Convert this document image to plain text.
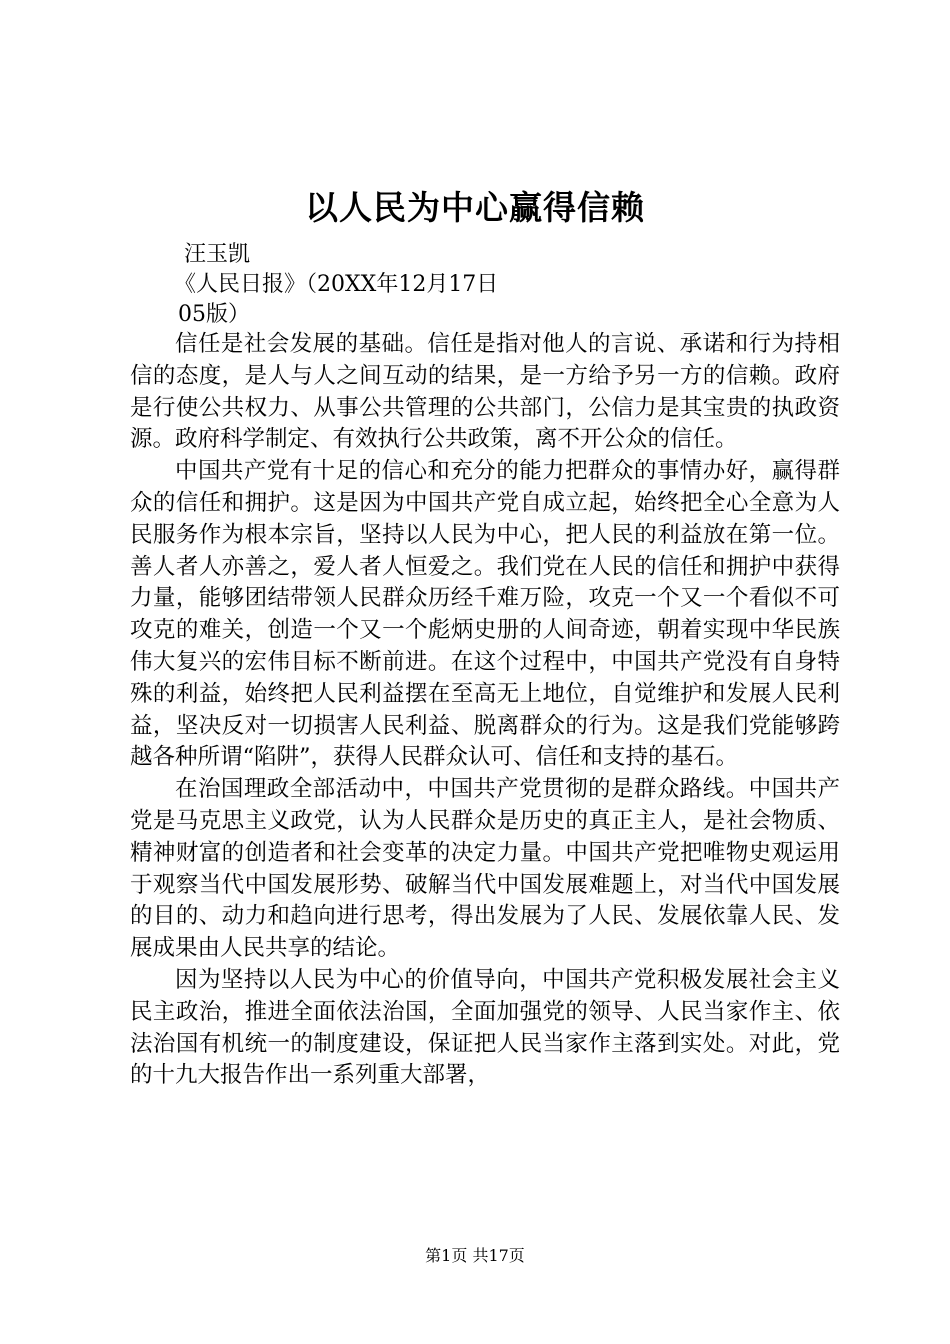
以人民为中心赢得信赖
汪玉凯
《人民日报》（20XX年12月17日
05版）

信任是社会发展的基础。信任是指对他人的言说、承诺和行为持相信的态度，是人与人之间互动的结果，是一方给予另一方的信赖。政府是行使公共权力、从事公共管理的公共部门，公信力是其宝贵的执政资源。政府科学制定、有效执行公共政策，离不开公众的信任。

中国共产党有十足的信心和充分的能力把群众的事情办好，赢得群众的信任和拥护。这是因为中国共产党自成立起，始终把全心全意为人民服务作为根本宗旨，坚持以人民为中心，把人民的利益放在第一位。善人者人亦善之，爱人者人恒爱之。我们党在人民的信任和拥护中获得力量，能够团结带领人民群众历经千难万险，攻克一个又一个看似不可攻克的难关，创造一个又一个彪炳史册的人间奇迹，朝着实现中华民族伟大复兴的宏伟目标不断前进。在这个过程中，中国共产党没有自身特殊的利益，始终把人民利益摆在至高无上地位，自觉维护和发展人民利益，坚决反对一切损害人民利益、脱离群众的行为。这是我们党能够跨越各种所谓“陷阱”，获得人民群众认可、信任和支持的基石。

在治国理政全部活动中，中国共产党贯彻的是群众路线。中国共产党是马克思主义政党，认为人民群众是历史的真正主人，是社会物质、精神财富的创造者和社会变革的决定力量。中国共产党把唯物史观运用于观察当代中国发展形势、破解当代中国发展难题上，对当代中国发展的目的、动力和趋向进行思考，得出发展为了人民、发展依靠人民、发展成果由人民共享的结论。

因为坚持以人民为中心的价值导向，中国共产党积极发展社会主义民主政治，推进全面依法治国，全面加强党的领导、人民当家作主、依法治国有机统一的制度建设，保证把人民当家作主落到实处。对此，党的十九大报告作出一系列重大部署，

第1页 共17页
